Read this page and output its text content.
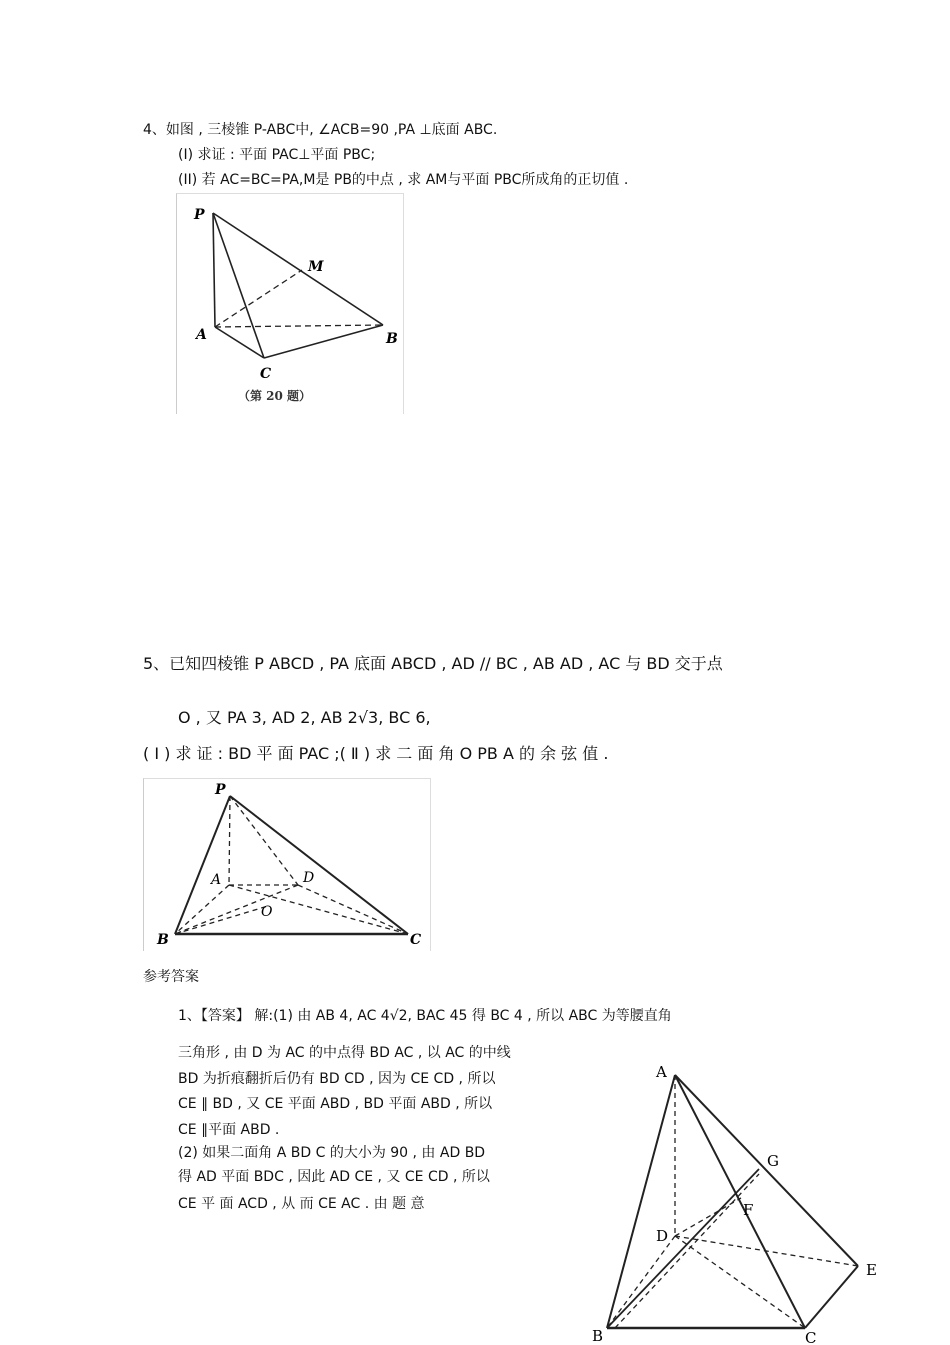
4、如图 , 三棱锥 P-ABC中, ∠ACB=90 ,PA ⊥底面 ABC.
(I) 求证 : 平面 PAC⊥平面 PBC;
(II) 若 AC=BC=PA,M是 PB的中点 , 求 AM与平面 PBC所成角的正切值 .
P
M
A	B
C
（第 20 题）
5、已知四棱锥 P ABCD , PA 底面 ABCD , AD // BC , AB AD , AC 与 BD 交于点
O , 又 PA 3, AD 2, AB 2√3, BC 6,
( Ⅰ ) 求 证 : BD 平 面 PAC ;( Ⅱ ) 求 二 面 角 O PB A 的 余 弦 值 .
P
A	D
O
B	C
参考答案
1、【答案】 解:(1) 由 AB 4, AC 4√2, BAC 45 得 BC 4 , 所以 ABC 为等腰直角
三角形 , 由 D 为 AC 的中点得 BD AC , 以 AC 的中线
BD 为折痕翻折后仍有 BD CD , 因为 CE CD , 所以
CE ∥ BD , 又 CE 平面 ABD , BD 平面 ABD , 所以
CE ∥平面 ABD .
(2) 如果二面角 A BD C 的大小为 90 , 由 AD BD
得 AD 平面 BDC , 因此 AD CE , 又 CE CD , 所以
CE 平 面 ACD , 从 而 CE AC . 由 题 意
A
G
F
D
E
B	C
